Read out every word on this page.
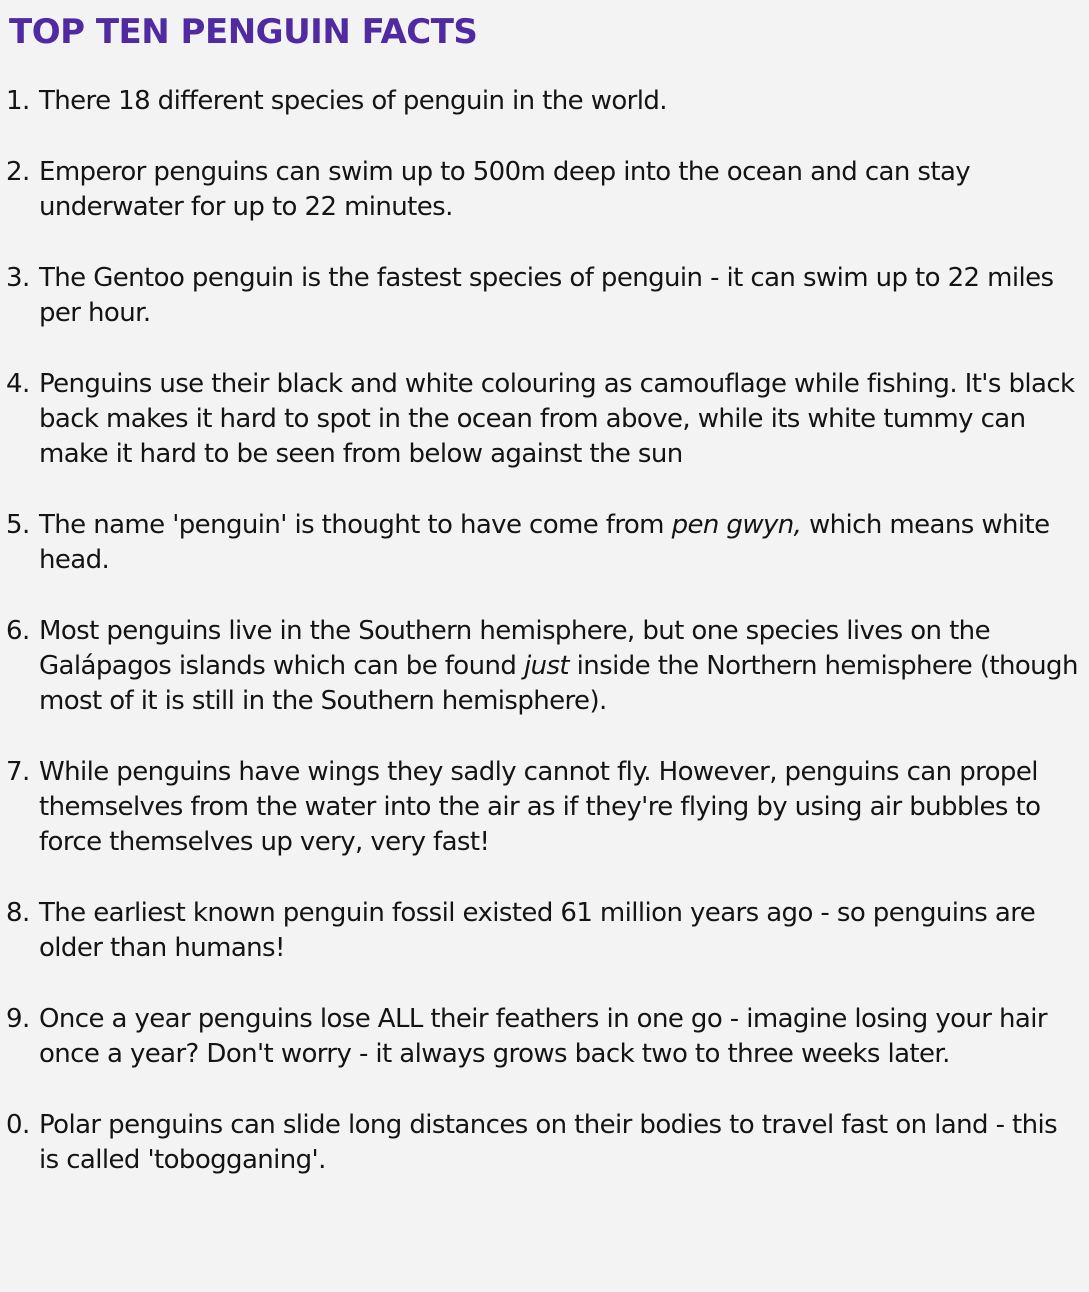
TOP TEN PENGUIN FACTS
1. There 18 different species of penguin in the world.
2. Emperor penguins can swim up to 500m deep into the ocean and can stay underwater for up to 22 minutes.
3. The Gentoo penguin is the fastest species of penguin - it can swim up to 22 miles per hour.
4. Penguins use their black and white colouring as camouflage while fishing. It's black back makes it hard to spot in the ocean from above, while its white tummy can make it hard to be seen from below against the sun
5. The name 'penguin' is thought to have come from pen gwyn, which means white head.
6. Most penguins live in the Southern hemisphere, but one species lives on the Galápagos islands which can be found just inside the Northern hemisphere (though most of it is still in the Southern hemisphere).
7. While penguins have wings they sadly cannot fly. However, penguins can propel themselves from the water into the air as if they're flying by using air bubbles to force themselves up very, very fast!
8. The earliest known penguin fossil existed 61 million years ago - so penguins are older than humans!
9. Once a year penguins lose ALL their feathers in one go - imagine losing your hair once a year? Don't worry - it always grows back two to three weeks later.
0. Polar penguins can slide long distances on their bodies to travel fast on land - this is called 'tobogganing'.
